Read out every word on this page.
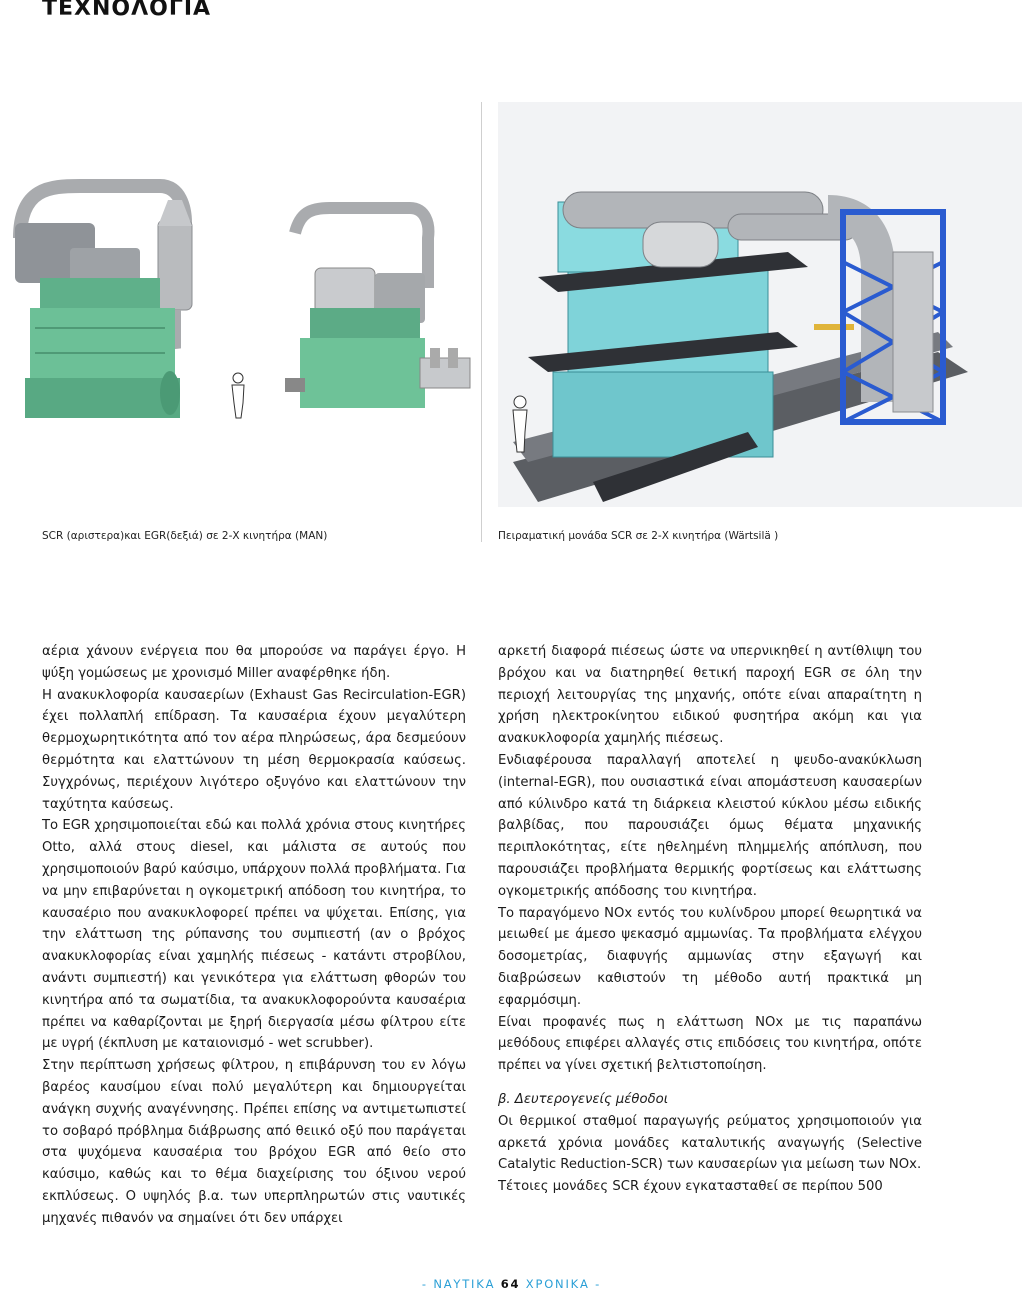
ΤΕΧΝΟΛΟΓΙΑ
SCR (αριστερα)και EGR(δεξιά) σε 2-X κινητήρα (MAN)	Πειραματική μονάδα SCR σε 2-X κινητήρα (Wärtsilä )

αέρια χάνουν ενέργεια που θα μπορούσε να παράγει έργο. Η ψύξη γομώσεως με χρονισμό Miller αναφέρθηκε ήδη.

Η ανακυκλοφορία καυσαερίων (Exhaust Gas Recirculation-EGR) έχει πολλαπλή επίδραση. Τα καυσαέρια έχουν μεγαλύτερη θερμοχωρητικότητα από τον αέρα πληρώσεως, άρα δεσμεύουν θερμότητα και ελαττώνουν τη μέση θερμοκρασία καύσεως. Συγχρόνως, περιέχουν λιγότερο οξυγόνο και ελαττώνουν την ταχύτητα καύσεως.

Το EGR χρησιμοποιείται εδώ και πολλά χρόνια στους κινητήρες Otto, αλλά στους diesel, και μάλιστα σε αυτούς που χρησιμοποιούν βαρύ καύσιμο, υπάρχουν πολλά προβλήματα. Για να μην επιβαρύνεται η ογκομετρική απόδοση του κινητήρα, το καυσαέριο που ανακυκλοφορεί πρέπει να ψύχεται. Επίσης, για την ελάττωση της ρύπανσης του συμπιεστή (αν ο βρόχος ανακυκλοφορίας είναι χαμηλής πιέσεως - κατάντι στροβίλου, ανάντι συμπιεστή) και γενικότερα για ελάττωση φθορών του κινητήρα από τα σωματίδια, τα ανακυκλοφορούντα καυσαέρια πρέπει να καθαρίζονται με ξηρή διεργασία μέσω φίλτρου είτε με υγρή (έκπλυση με καταιονισμό - wet scrubber).

Στην περίπτωση χρήσεως φίλτρου, η επιβάρυνση του εν λόγω βαρέος καυσίμου είναι πολύ μεγαλύτερη και δημιουργείται ανάγκη συχνής αναγέννησης. Πρέπει επίσης να αντιμετωπιστεί το σοβαρό πρόβλημα διάβρωσης από θειικό οξύ που παράγεται στα ψυχόμενα καυσαέρια του βρόχου EGR από θείο στο καύσιμο, καθώς και το θέμα διαχείρισης του όξινου νερού εκπλύσεως. Ο υψηλός β.α. των υπερπληρωτών στις ναυτικές μηχανές πιθανόν να σημαίνει ότι δεν υπάρχει

αρκετή διαφορά πιέσεως ώστε να υπερνικηθεί η αντίθλιψη του βρόχου και να διατηρηθεί θετική παροχή EGR σε όλη την περιοχή λειτουργίας της μηχανής, οπότε είναι απαραίτητη η χρήση ηλεκτροκίνητου ειδικού φυσητήρα ακόμη και για ανακυκλοφορία χαμηλής πιέσεως.

Ενδιαφέρουσα παραλλαγή αποτελεί η ψευδο-ανακύκλωση (internal-EGR), που ουσιαστικά είναι απομάστευση καυσαερίων από κύλινδρο κατά τη διάρκεια κλειστού κύκλου μέσω ειδικής βαλβίδας, που παρουσιάζει όμως θέματα μηχανικής περιπλοκότητας, είτε ηθελημένη πλημμελής απόπλυση, που παρουσιάζει προβλήματα θερμικής φορτίσεως και ελάττωσης ογκομετρικής απόδοσης του κινητήρα.

Το παραγόμενο NOx εντός του κυλίνδρου μπορεί θεωρητικά να μειωθεί με άμεσο ψεκασμό αμμωνίας. Τα προβλήματα ελέγχου δοσομετρίας, διαφυγής αμμωνίας στην εξαγωγή και διαβρώσεων καθιστούν τη μέθοδο αυτή πρακτικά μη εφαρμόσιμη.

Είναι προφανές πως η ελάττωση NOx με τις παραπάνω μεθόδους επιφέρει αλλαγές στις επιδόσεις του κινητήρα, οπότε πρέπει να γίνει σχετική βελτιστοποίηση.

β. Δευτερογενείς μέθοδοι

Οι θερμικοί σταθμοί παραγωγής ρεύματος χρησιμοποιούν για αρκετά χρόνια μονάδες καταλυτικής αναγωγής (Selective Catalytic Reduction-SCR) των καυσαερίων για μείωση των NOx.

Τέτοιες μονάδες SCR έχουν εγκατασταθεί σε περίπου 500

- ΝΑΥΤΙΚΑ 64 ΧΡΟΝΙΚΑ -
